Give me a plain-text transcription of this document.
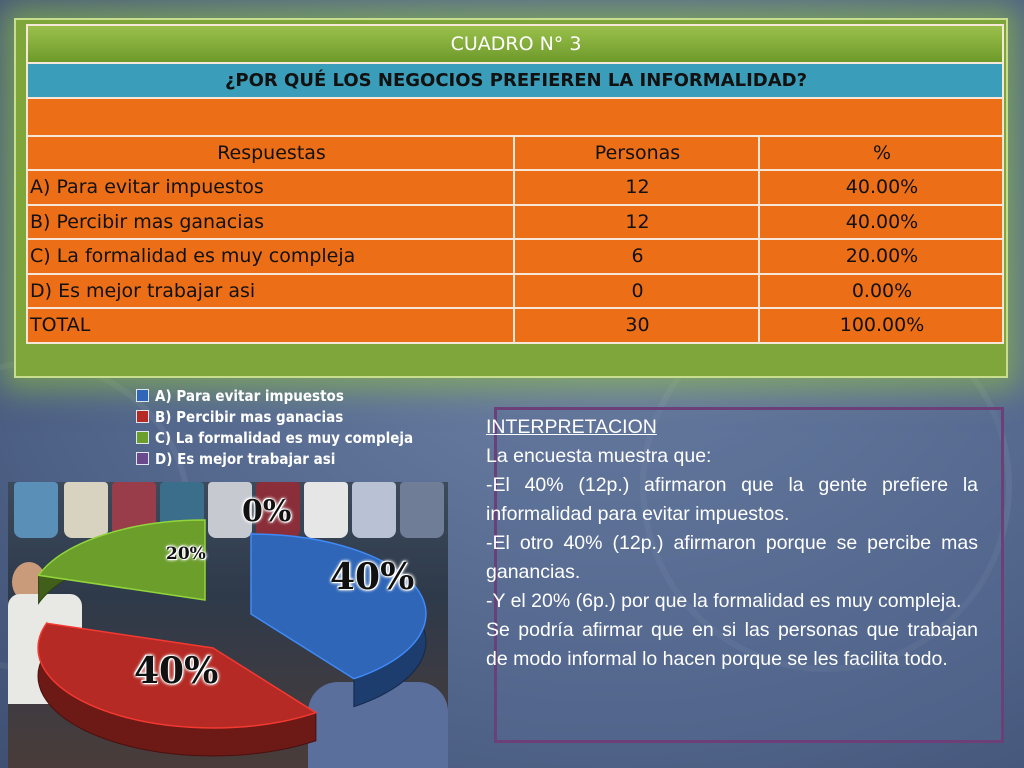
CUADRO N° 3		
¿POR QUÉ LOS NEGOCIOS PREFIEREN LA INFORMALIDAD?		

Respuestas	Personas	%
A) Para evitar impuestos	12	40.00%
B) Percibir mas ganacias	12	40.00%
C) La formalidad es muy compleja	6	20.00%
D) Es mejor trabajar asi	0	0.00%
TOTAL	30	100.00%
A) Para evitar impuestos
B) Percibir mas ganacias
C) La formalidad es muy compleja
D) Es mejor trabajar asi
40%
40%
20%
0%

INTERPRETACION

La encuesta muestra que:

-El 40% (12p.) afirmaron que la gente prefiere la informalidad para evitar impuestos.

-El otro 40% (12p.) afirmaron porque se percibe mas ganancias.

-Y el 20% (6p.) por que la formalidad es muy compleja.

Se podría afirmar que en si las personas que trabajan de modo informal lo hacen porque se les facilita todo.
